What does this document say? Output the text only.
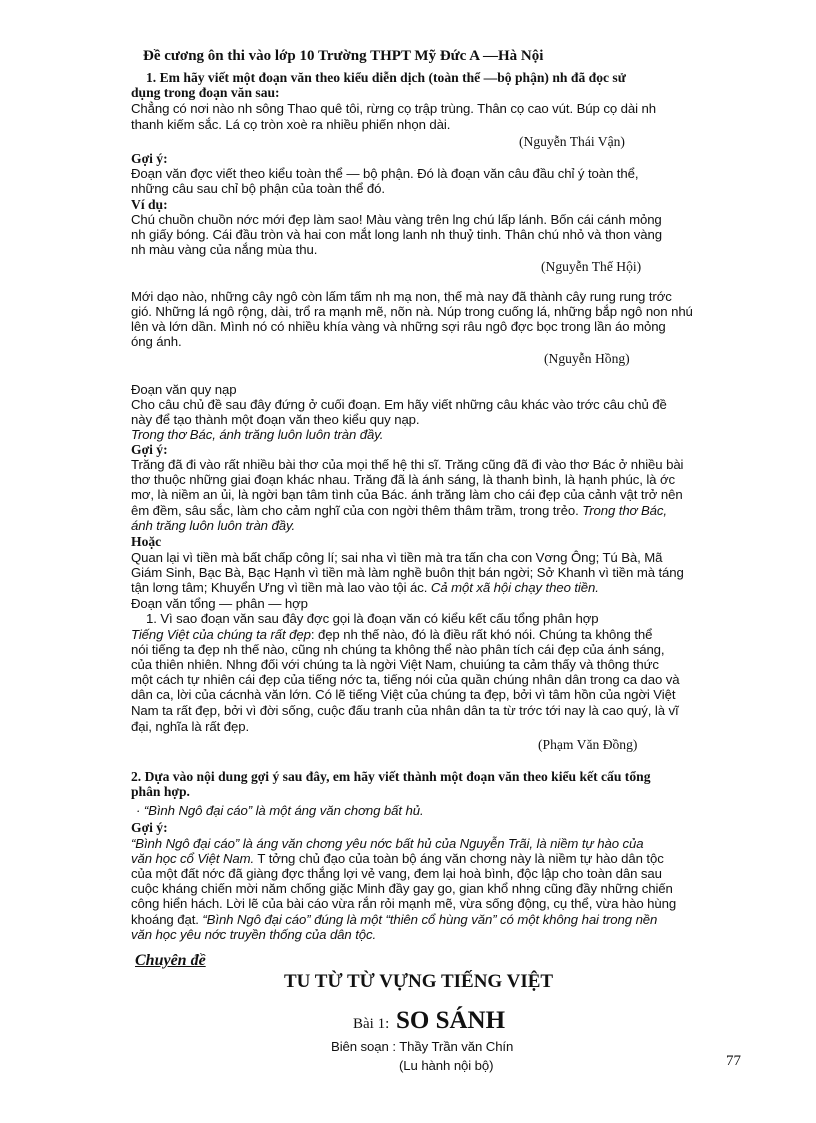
Đề cương ôn thi vào lớp 10 Trường THPT Mỹ Đức A —Hà Nội
1. Em hãy viết một đoạn văn theo kiểu diễn dịch (toàn thể —bộ phận) nh đã đọc sử
dụng trong đoạn văn sau:
Chẳng có nơi nào nh sông Thao quê tôi, rừng cọ trập trùng. Thân cọ cao vút. Búp cọ dài nh
thanh kiếm sắc. Lá cọ tròn xoè ra nhiều phiến nhọn dài.
(Nguyễn Thái Vận)
Gợi ý:
Đoạn văn đợc viết theo kiểu toàn thể — bộ phận. Đó là đoạn văn câu đầu chỉ ý toàn thể,
những câu sau chỉ bộ phận của toàn thể đó.
Ví dụ:
Chú chuồn chuồn nớc mới đẹp làm sao! Màu vàng trên lng chú lấp lánh. Bốn cái cánh mỏng
nh giấy bóng. Cái đầu tròn và hai con mắt long lanh nh thuỷ tinh. Thân chú nhỏ và thon vàng
nh màu vàng của nắng mùa thu.
(Nguyễn Thế Hội)
Mới dạo nào, những cây ngô còn lấm tấm nh mạ non, thế mà nay đã thành cây rung rung trớc
gió. Những lá ngô rộng, dài, trổ ra mạnh mẽ, nõn nà. Núp trong cuống lá, những bắp ngô non nhú
lên và lớn dần. Mình nó có nhiều khía vàng và những sợi râu ngô đợc bọc trong lần áo mỏng
óng ánh.
(Nguyễn Hồng)
Đoạn văn quy nạp
Cho câu chủ đề sau đây đứng ở cuối đoạn. Em hãy viết những câu khác vào trớc câu chủ đề
này để tạo thành một đoạn văn theo kiểu quy nạp.
Trong thơ Bác, ánh trăng luôn luôn tràn đầy.
Gợi ý:
Trăng đã đi vào rất nhiều bài thơ của mọi thế hệ thi sĩ. Trăng cũng đã đi vào thơ Bác ở nhiều bài
thơ thuộc những giai đoạn khác nhau. Trăng đã là ánh sáng, là thanh bình, là hạnh phúc, là ớc
mơ, là niềm an ủi, là ngời bạn tâm tình của Bác. ánh trăng làm cho cái đẹp của cảnh vật trở nên
êm đềm, sâu sắc, làm cho cảm nghĩ của con ngời thêm thâm trầm, trong trẻo. Trong thơ Bác,
ánh trăng luôn luôn tràn đầy.
Hoặc
Quan lại vì tiền mà bất chấp công lí; sai nha vì tiền mà tra tấn cha con Vơng Ông; Tú Bà, Mã
Giám Sinh, Bạc Bà, Bạc Hạnh vì tiền mà làm nghề buôn thịt bán ngời; Sở Khanh vì tiền mà táng
tận lơng tâm; Khuyển Ưng vì tiền mà lao vào tội ác. Cả một xã hội chạy theo tiền.
Đoạn văn tổng — phân — hợp
1. Vì sao đoạn văn sau đây đợc gọi là đoạn văn có kiểu kết cấu tổng phân hợp
Tiếng Việt của chúng ta rất đẹp: đẹp nh thế nào, đó là điều rất khó nói. Chúng ta không thể
nói tiếng ta đẹp nh thế nào, cũng nh chúng ta không thể nào phân tích cái đẹp của ánh sáng,
của thiên nhiên. Nhng đối với chúng ta là ngời Việt Nam, chuiúng ta cảm thấy và thông thức
một cách tự nhiên cái đẹp của tiếng nớc ta, tiếng nói của quần chúng nhân dân trong ca dao và
dân ca, lời của cácnhà văn lớn. Có lẽ tiếng Việt của chúng ta đẹp, bởi vì tâm hồn của ngời Việt
Nam ta rất đẹp, bởi vì đời sống, cuộc đấu tranh của nhân dân ta từ trớc tới nay là cao quý, là vĩ
đại, nghĩa là rất đẹp.
(Phạm Văn Đồng)
2. Dựa vào nội dung gợi ý sau đây, em hãy viết thành một đoạn văn theo kiểu kết cấu tổng
phân hợp.
· “Bình Ngô đại cáo” là một áng văn chơng bất hủ.
Gợi ý:
“Bình Ngô đại cáo” là áng văn chơng yêu nớc bất hủ của Nguyễn Trãi, là niềm tự hào của
văn học cổ Việt Nam. T tởng chủ đạo của toàn bộ áng văn chơng này là niềm tự hào dân tộc
của một đất nớc đã giàng đợc thắng lợi vẻ vang, đem lại hoà bình, độc lập cho toàn dân sau
cuộc kháng chiến mời năm chống giặc Minh đầy gay go, gian khổ nhng cũng đầy những chiến
công hiển hách. Lời lẽ của bài cáo vừa rắn rỏi mạnh mẽ, vừa sống động, cụ thể, vừa hào hùng
khoáng đạt. “Bình Ngô đại cáo” đúng là một “thiên cổ hùng văn” có một không hai trong nền
văn học yêu nớc truyền thống của dân tộc.
Chuyên đề
TU TỪ TỪ VỰNG TIẾNG VIỆT
Bài 1: SO SÁNH
Biên soạn : Thầy Trần văn Chín
(Lu hành nội bộ)	77
